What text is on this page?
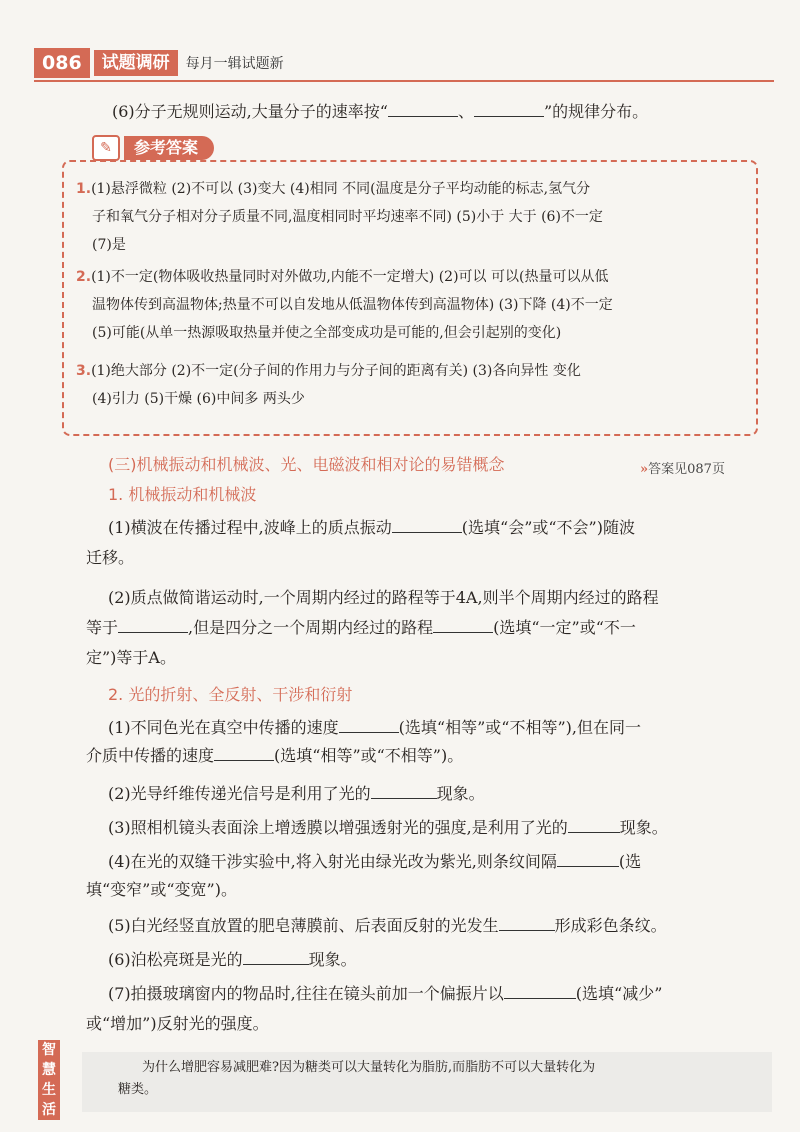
086	试题调研	每月一辑试题新
(6)分子无规则运动,大量分子的速率按“	、	”的规律分布。
✎	参考答案
1.(1)悬浮微粒 (2)不可以 (3)变大 (4)相同 不同(温度是分子平均动能的标志,氢气分
子和氧气分子相对分子质量不同,温度相同时平均速率不同) (5)小于 大于 (6)不一定
(7)是
2.(1)不一定(物体吸收热量同时对外做功,内能不一定增大) (2)可以 可以(热量可以从低
温物体传到高温物体;热量不可以自发地从低温物体传到高温物体) (3)下降 (4)不一定
(5)可能(从单一热源吸取热量并使之全部变成功是可能的,但会引起别的变化)
3.(1)绝大部分 (2)不一定(分子间的作用力与分子间的距离有关) (3)各向异性 变化
(4)引力 (5)干燥 (6)中间多 两头少
(三)机械振动和机械波、光、电磁波和相对论的易错概念	»答案见087页
1. 机械振动和机械波
(1)横波在传播过程中,波峰上的质点振动	(选填“会”或“不会”)随波
迁移。
(2)质点做简谐运动时,一个周期内经过的路程等于4A,则半个周期内经过的路程
等于	,但是四分之一个周期内经过的路程	(选填“一定”或“不一
定”)等于A。
2. 光的折射、全反射、干涉和衍射
(1)不同色光在真空中传播的速度	(选填“相等”或“不相等”),但在同一
介质中传播的速度	(选填“相等”或“不相等”)。
(2)光导纤维传递光信号是利用了光的	现象。
(3)照相机镜头表面涂上增透膜以增强透射光的强度,是利用了光的	现象。
(4)在光的双缝干涉实验中,将入射光由绿光改为紫光,则条纹间隔	(选
填“变窄”或“变宽”)。
(5)白光经竖直放置的肥皂薄膜前、后表面反射的光发生	形成彩色条纹。
(6)泊松亮斑是光的	现象。
(7)拍摄玻璃窗内的物品时,往往在镜头前加一个偏振片以	(选填“减少”
或“增加”)反射光的强度。
智慧生活
为什么增肥容易减肥难?因为糖类可以大量转化为脂肪,而脂肪不可以大量转化为
糖类。
